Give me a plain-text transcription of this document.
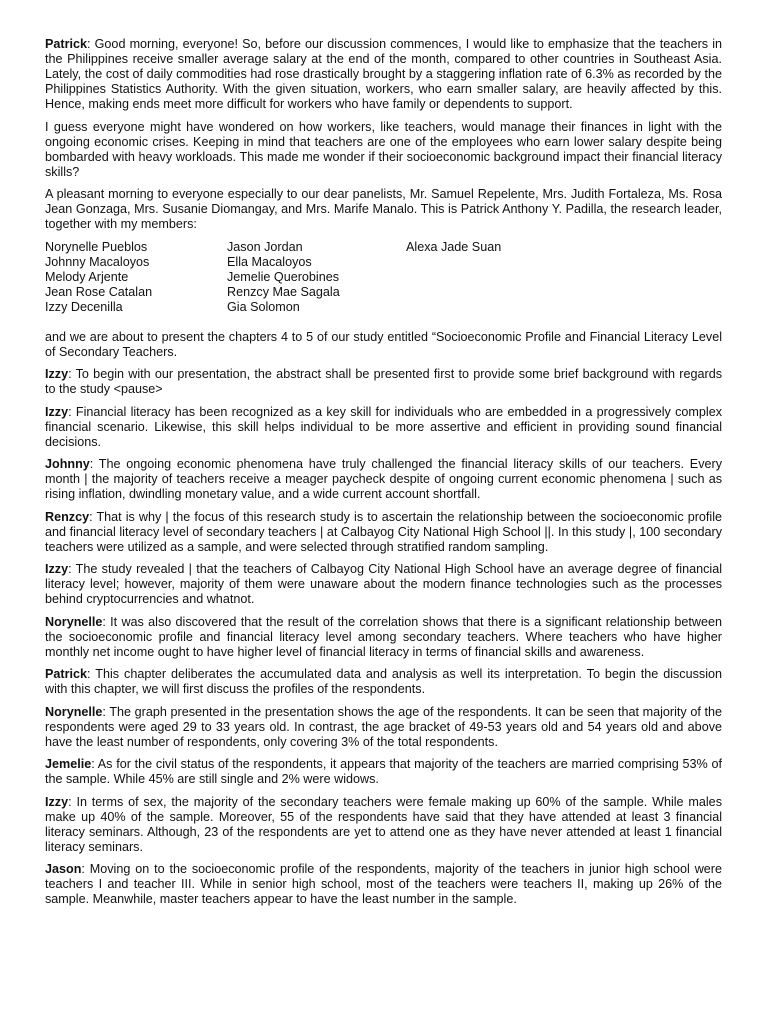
Patrick: Good morning, everyone! So, before our discussion commences, I would like to emphasize that the teachers in the Philippines receive smaller average salary at the end of the month, compared to other countries in Southeast Asia. Lately, the cost of daily commodities had rose drastically brought by a staggering inflation rate of 6.3% as recorded by the Philippines Statistics Authority. With the given situation, workers, who earn smaller salary, are heavily affected by this. Hence, making ends meet more difficult for workers who have family or dependents to support.

I guess everyone might have wondered on how workers, like teachers, would manage their finances in light with the ongoing economic crises. Keeping in mind that teachers are one of the employees who earn lower salary despite being bombarded with heavy workloads. This made me wonder if their socioeconomic background impact their financial literacy skills?

A pleasant morning to everyone especially to our dear panelists, Mr. Samuel Repelente, Mrs. Judith Fortaleza, Ms. Rosa Jean Gonzaga, Mrs. Susanie Diomangay, and Mrs. Marife Manalo. This is Patrick Anthony Y. Padilla, the research leader, together with my members:

Norynelle Pueblos
Johnny Macaloyos
Melody Arjente
Jean Rose Catalan
Izzy Decenilla
Jason Jordan
Ella Macaloyos
Jemelie Querobines
Renzcy Mae Sagala
Gia Solomon
Alexa Jade Suan

and we are about to present the chapters 4 to 5 of our study entitled “Socioeconomic Profile and Financial Literacy Level of Secondary Teachers.

Izzy: To begin with our presentation, the abstract shall be presented first to provide some brief background with regards to the study <pause>

Izzy: Financial literacy has been recognized as a key skill for individuals who are embedded in a progressively complex financial scenario. Likewise, this skill helps individual to be more assertive and efficient in providing sound financial decisions.

Johnny: The ongoing economic phenomena have truly challenged the financial literacy skills of our teachers. Every month | the majority of teachers receive a meager paycheck despite of ongoing current economic phenomena | such as rising inflation, dwindling monetary value, and a wide current account shortfall.

Renzcy: That is why | the focus of this research study is to ascertain the relationship between the socioeconomic profile and financial literacy level of secondary teachers | at Calbayog City National High School ||. In this study |, 100 secondary teachers were utilized as a sample, and were selected through stratified random sampling.

Izzy: The study revealed | that the teachers of Calbayog City National High School have an average degree of financial literacy level; however, majority of them were unaware about the modern finance technologies such as the processes behind cryptocurrencies and whatnot.

Norynelle: It was also discovered that the result of the correlation shows that there is a significant relationship between the socioeconomic profile and financial literacy level among secondary teachers. Where teachers who have higher monthly net income ought to have higher level of financial literacy in terms of financial skills and awareness.

Patrick: This chapter deliberates the accumulated data and analysis as well its interpretation. To begin the discussion with this chapter, we will first discuss the profiles of the respondents.

Norynelle: The graph presented in the presentation shows the age of the respondents. It can be seen that majority of the respondents were aged 29 to 33 years old. In contrast, the age bracket of 49-53 years old and 54 years old and above have the least number of respondents, only covering 3% of the total respondents.

Jemelie: As for the civil status of the respondents, it appears that majority of the teachers are married comprising 53% of the sample. While 45% are still single and 2% were widows.

Izzy: In terms of sex, the majority of the secondary teachers were female making up 60% of the sample. While males make up 40% of the sample. Moreover, 55 of the respondents have said that they have attended at least 3 financial literacy seminars. Although, 23 of the respondents are yet to attend one as they have never attended at least 1 financial literacy seminars.

Jason: Moving on to the socioeconomic profile of the respondents, majority of the teachers in junior high school were teachers I and teacher III. While in senior high school, most of the teachers were teachers II, making up 26% of the sample. Meanwhile, master teachers appear to have the least number in the sample.
